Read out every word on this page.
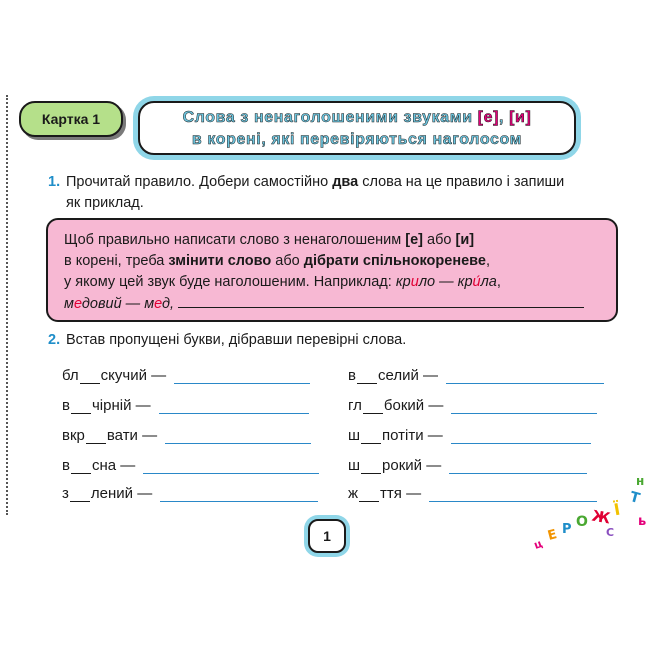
Картка 1	Слова з ненаголошеними звуками [е], [и]
в корені, які перевіряються наголосом
1. Прочитай правило. Добери самостійно два слова на це правило і запиши
як приклад.
Щоб правильно написати слово з ненаголошеним [е] або [и]
в корені, треба змінити слово або дібрати спільнокореневе,
у якому цей звук буде наголошеним. Наприклад: крило — кри́ла,
медовий — мед,
2. Встав пропущені букви, дібравши перевірні слова.
бл скучий —
в чірній —
вкр вати —
в сна —
з лений —
в селий —
гл бокий —
ш потіти —
ш рокий —
ж ття —
1
ц
Е Р О Ж
С
Ї
Т
н
ь
